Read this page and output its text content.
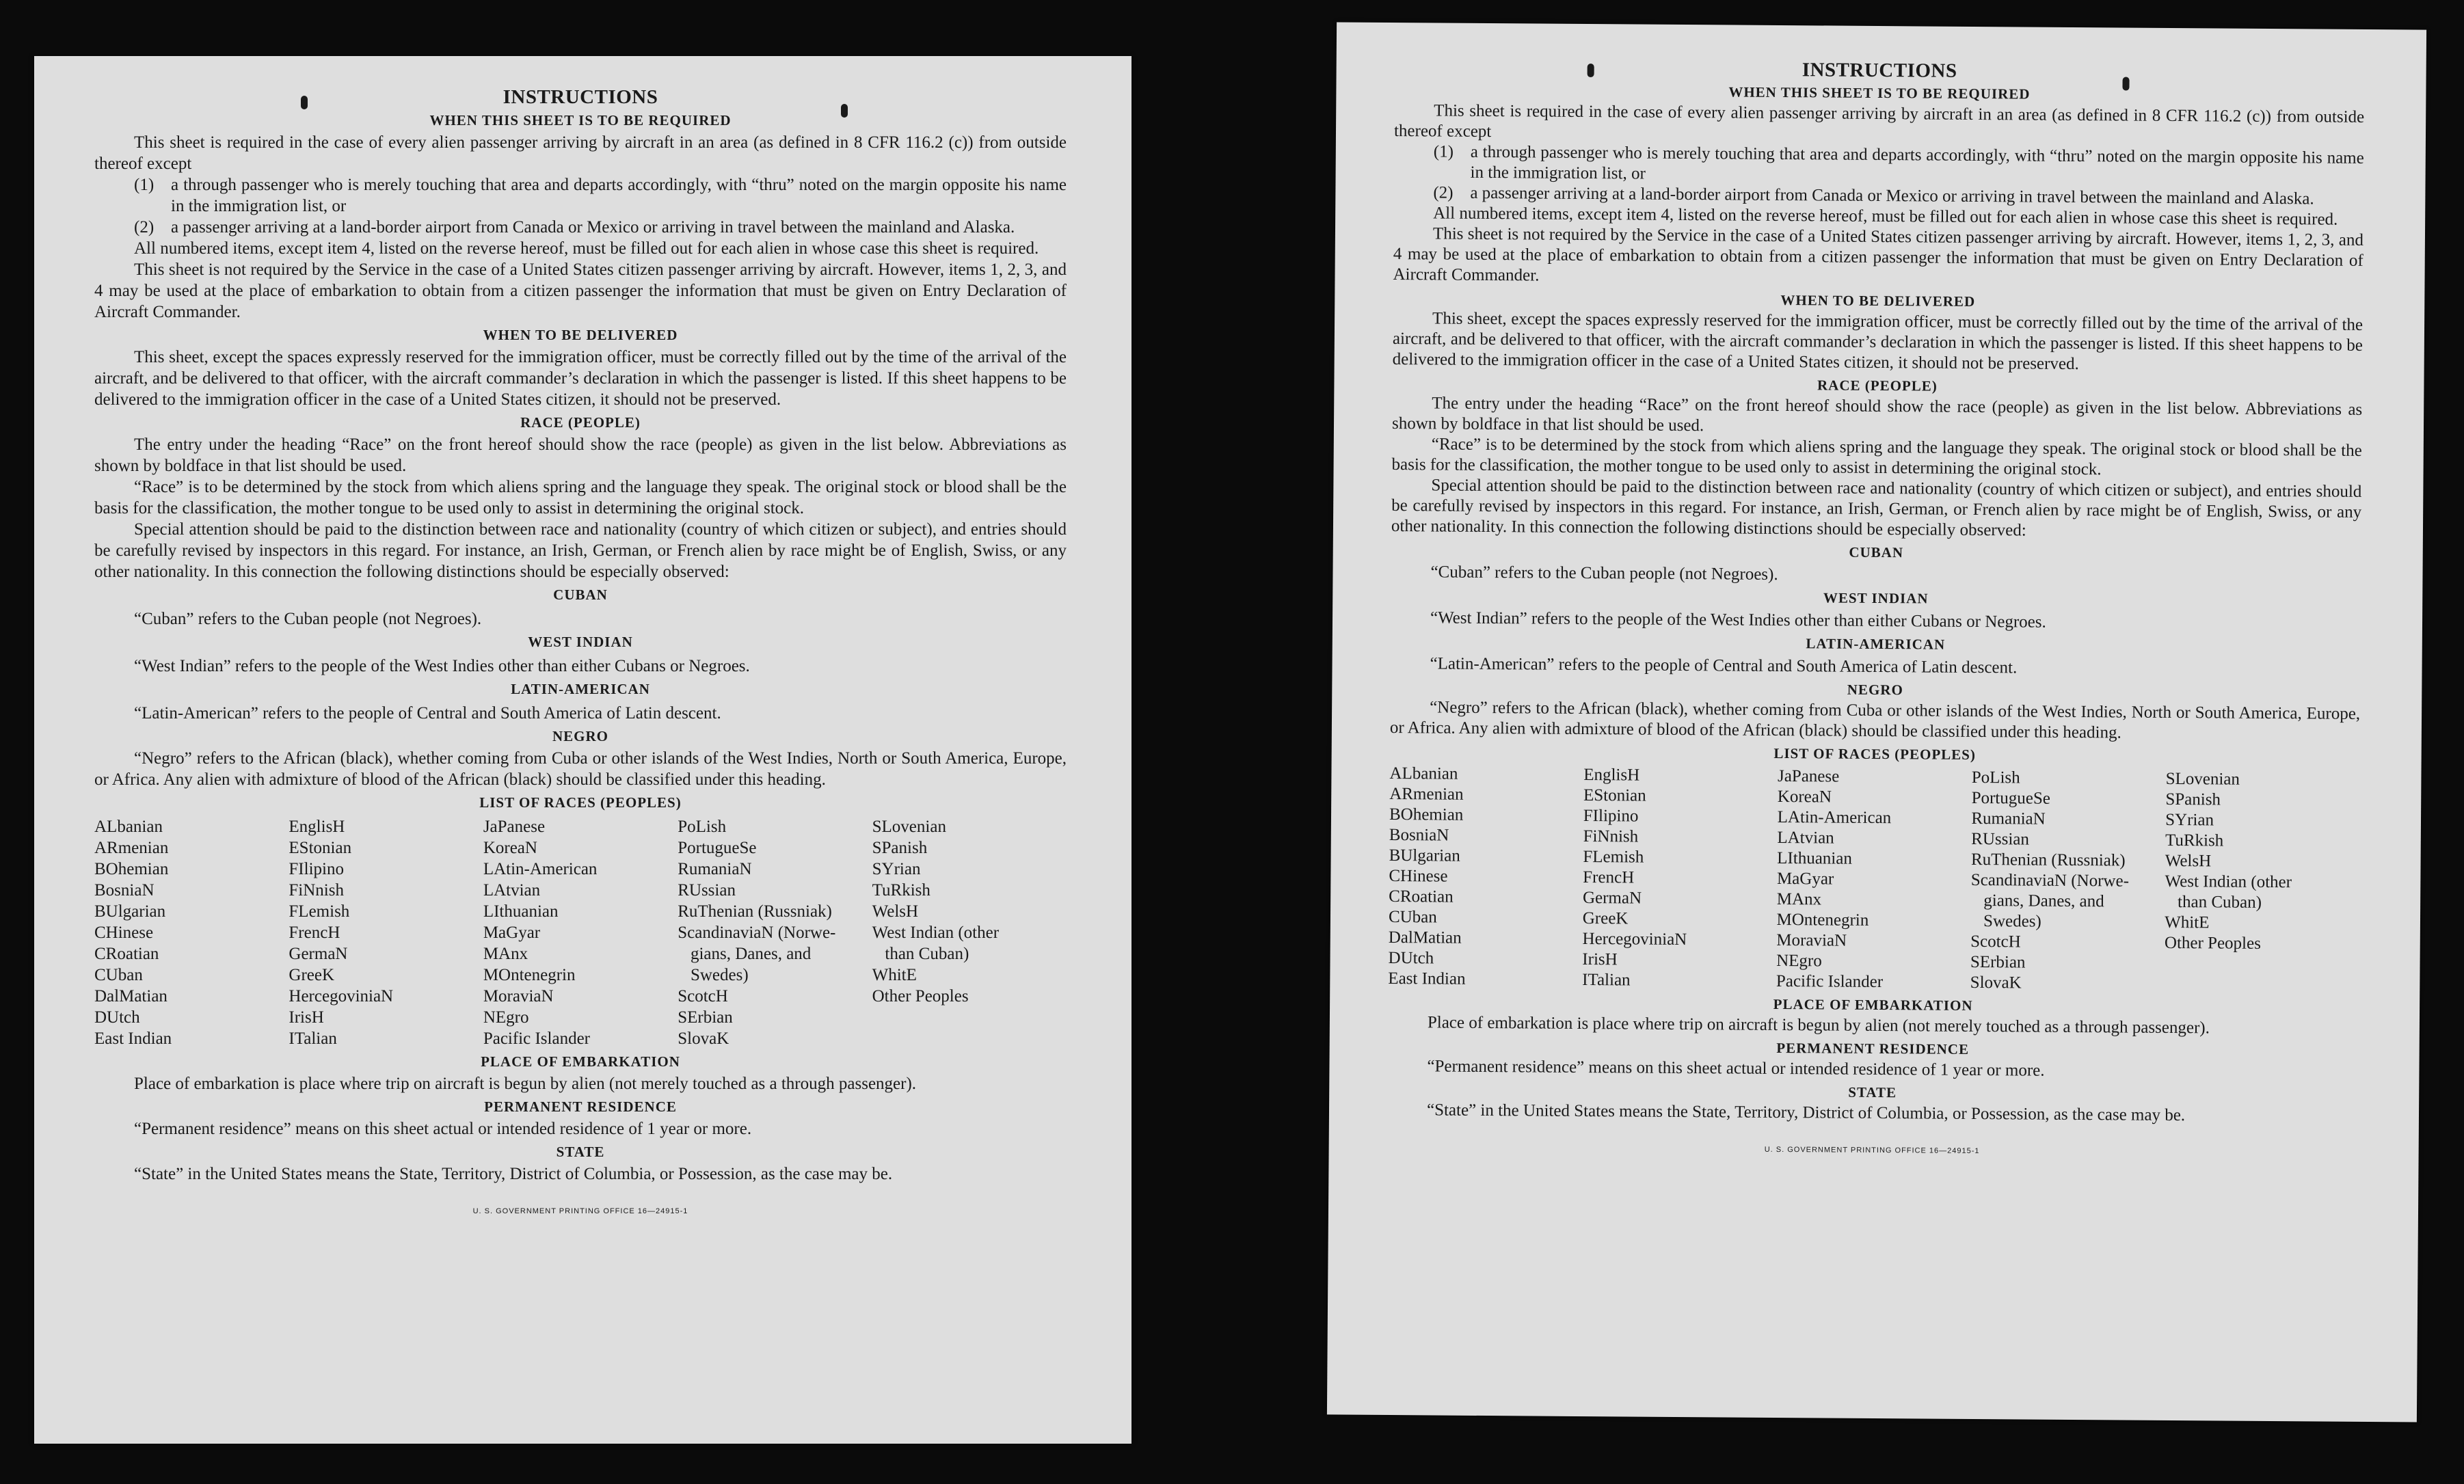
INSTRUCTIONS
WHEN THIS SHEET IS TO BE REQUIRED

This sheet is required in the case of every alien passenger arriving by aircraft in an area (as defined in 8 CFR 116.2 (c)) from outside thereof except

(1) a through passenger who is merely touching that area and departs accordingly, with “thru” noted on the margin opposite his name in the immigration list, or
(2) a passenger arriving at a land-border airport from Canada or Mexico or arriving in travel between the mainland and Alaska.

All numbered items, except item 4, listed on the reverse hereof, must be filled out for each alien in whose case this sheet is required.

This sheet is not required by the Service in the case of a United States citizen passenger arriving by aircraft. However, items 1, 2, 3, and 4 may be used at the place of embarkation to obtain from a citizen passenger the information that must be given on Entry Declaration of Aircraft Commander.

WHEN TO BE DELIVERED

This sheet, except the spaces expressly reserved for the immigration officer, must be correctly filled out by the time of the arrival of the aircraft, and be delivered to that officer, with the aircraft commander’s declaration in which the passenger is listed. If this sheet happens to be delivered to the immigration officer in the case of a United States citizen, it should not be preserved.

RACE (PEOPLE)

The entry under the heading “Race” on the front hereof should show the race (people) as given in the list below. Abbreviations as shown by boldface in that list should be used.

“Race” is to be determined by the stock from which aliens spring and the language they speak. The original stock or blood shall be the basis for the classification, the mother tongue to be used only to assist in determining the original stock.

Special attention should be paid to the distinction between race and nationality (country of which citizen or subject), and entries should be carefully revised by inspectors in this regard. For instance, an Irish, German, or French alien by race might be of English, Swiss, or any other nationality. In this connection the following distinctions should be especially observed:

CUBAN

“Cuban” refers to the Cuban people (not Negroes).

WEST INDIAN

“West Indian” refers to the people of the West Indies other than either Cubans or Negroes.

LATIN-AMERICAN

“Latin-American” refers to the people of Central and South America of Latin descent.

NEGRO

“Negro” refers to the African (black), whether coming from Cuba or other islands of the West Indies, North or South America, Europe, or Africa. Any alien with admixture of blood of the African (black) should be classified under this heading.

LIST OF RACES (PEOPLES)
ALbanian
ARmenian
BOhemian
BosniaN
BUlgarian
CHinese
CRoatian
CUban
DalMatian
DUtch
East Indian
EnglisH
EStonian
FIlipino
FiNnish
FLemish
FrencH
GermaN
GreeK
HercegoviniaN
IrisH
ITalian
JaPanese
KoreaN
LAtin-American
LAtvian
LIthuanian
MaGyar
MAnx
MOntenegrin
MoraviaN
NEgro
Pacific Islander
PoLish
PortugueSe
RumaniaN
RUssian
RuThenian (Russniak)
ScandinaviaN (Norwe-
gians, Danes, and
Swedes)
ScotcH
SErbian
SlovaK
SLovenian
SPanish
SYrian
TuRkish
WelsH
West Indian (other
than Cuban)
WhitE
Other Peoples
PLACE OF EMBARKATION

Place of embarkation is place where trip on aircraft is begun by alien (not merely touched as a through passenger).

PERMANENT RESIDENCE

“Permanent residence” means on this sheet actual or intended residence of 1 year or more.

STATE

“State” in the United States means the State, Territory, District of Columbia, or Possession, as the case may be.

U. S. GOVERNMENT PRINTING OFFICE 16—24915-1
INSTRUCTIONS
WHEN THIS SHEET IS TO BE REQUIRED

This sheet is required in the case of every alien passenger arriving by aircraft in an area (as defined in 8 CFR 116.2 (c)) from outside thereof except

(1) a through passenger who is merely touching that area and departs accordingly, with “thru” noted on the margin opposite his name in the immigration list, or
(2) a passenger arriving at a land-border airport from Canada or Mexico or arriving in travel between the mainland and Alaska.

All numbered items, except item 4, listed on the reverse hereof, must be filled out for each alien in whose case this sheet is required.

This sheet is not required by the Service in the case of a United States citizen passenger arriving by aircraft. However, items 1, 2, 3, and 4 may be used at the place of embarkation to obtain from a citizen passenger the information that must be given on Entry Declaration of Aircraft Commander.

WHEN TO BE DELIVERED

This sheet, except the spaces expressly reserved for the immigration officer, must be correctly filled out by the time of the arrival of the aircraft, and be delivered to that officer, with the aircraft commander’s declaration in which the passenger is listed. If this sheet happens to be delivered to the immigration officer in the case of a United States citizen, it should not be preserved.

RACE (PEOPLE)

The entry under the heading “Race” on the front hereof should show the race (people) as given in the list below. Abbreviations as shown by boldface in that list should be used.

“Race” is to be determined by the stock from which aliens spring and the language they speak. The original stock or blood shall be the basis for the classification, the mother tongue to be used only to assist in determining the original stock.

Special attention should be paid to the distinction between race and nationality (country of which citizen or subject), and entries should be carefully revised by inspectors in this regard. For instance, an Irish, German, or French alien by race might be of English, Swiss, or any other nationality. In this connection the following distinctions should be especially observed:

CUBAN

“Cuban” refers to the Cuban people (not Negroes).

WEST INDIAN

“West Indian” refers to the people of the West Indies other than either Cubans or Negroes.

LATIN-AMERICAN

“Latin-American” refers to the people of Central and South America of Latin descent.

NEGRO

“Negro” refers to the African (black), whether coming from Cuba or other islands of the West Indies, North or South America, Europe, or Africa. Any alien with admixture of blood of the African (black) should be classified under this heading.

LIST OF RACES (PEOPLES)
ALbanian
ARmenian
BOhemian
BosniaN
BUlgarian
CHinese
CRoatian
CUban
DalMatian
DUtch
East Indian
EnglisH
EStonian
FIlipino
FiNnish
FLemish
FrencH
GermaN
GreeK
HercegoviniaN
IrisH
ITalian
JaPanese
KoreaN
LAtin-American
LAtvian
LIthuanian
MaGyar
MAnx
MOntenegrin
MoraviaN
NEgro
Pacific Islander
PoLish
PortugueSe
RumaniaN
RUssian
RuThenian (Russniak)
ScandinaviaN (Norwe-
gians, Danes, and
Swedes)
ScotcH
SErbian
SlovaK
SLovenian
SPanish
SYrian
TuRkish
WelsH
West Indian (other
than Cuban)
WhitE
Other Peoples
PLACE OF EMBARKATION

Place of embarkation is place where trip on aircraft is begun by alien (not merely touched as a through passenger).

PERMANENT RESIDENCE

“Permanent residence” means on this sheet actual or intended residence of 1 year or more.

STATE

“State” in the United States means the State, Territory, District of Columbia, or Possession, as the case may be.

U. S. GOVERNMENT PRINTING OFFICE 16—24915-1
